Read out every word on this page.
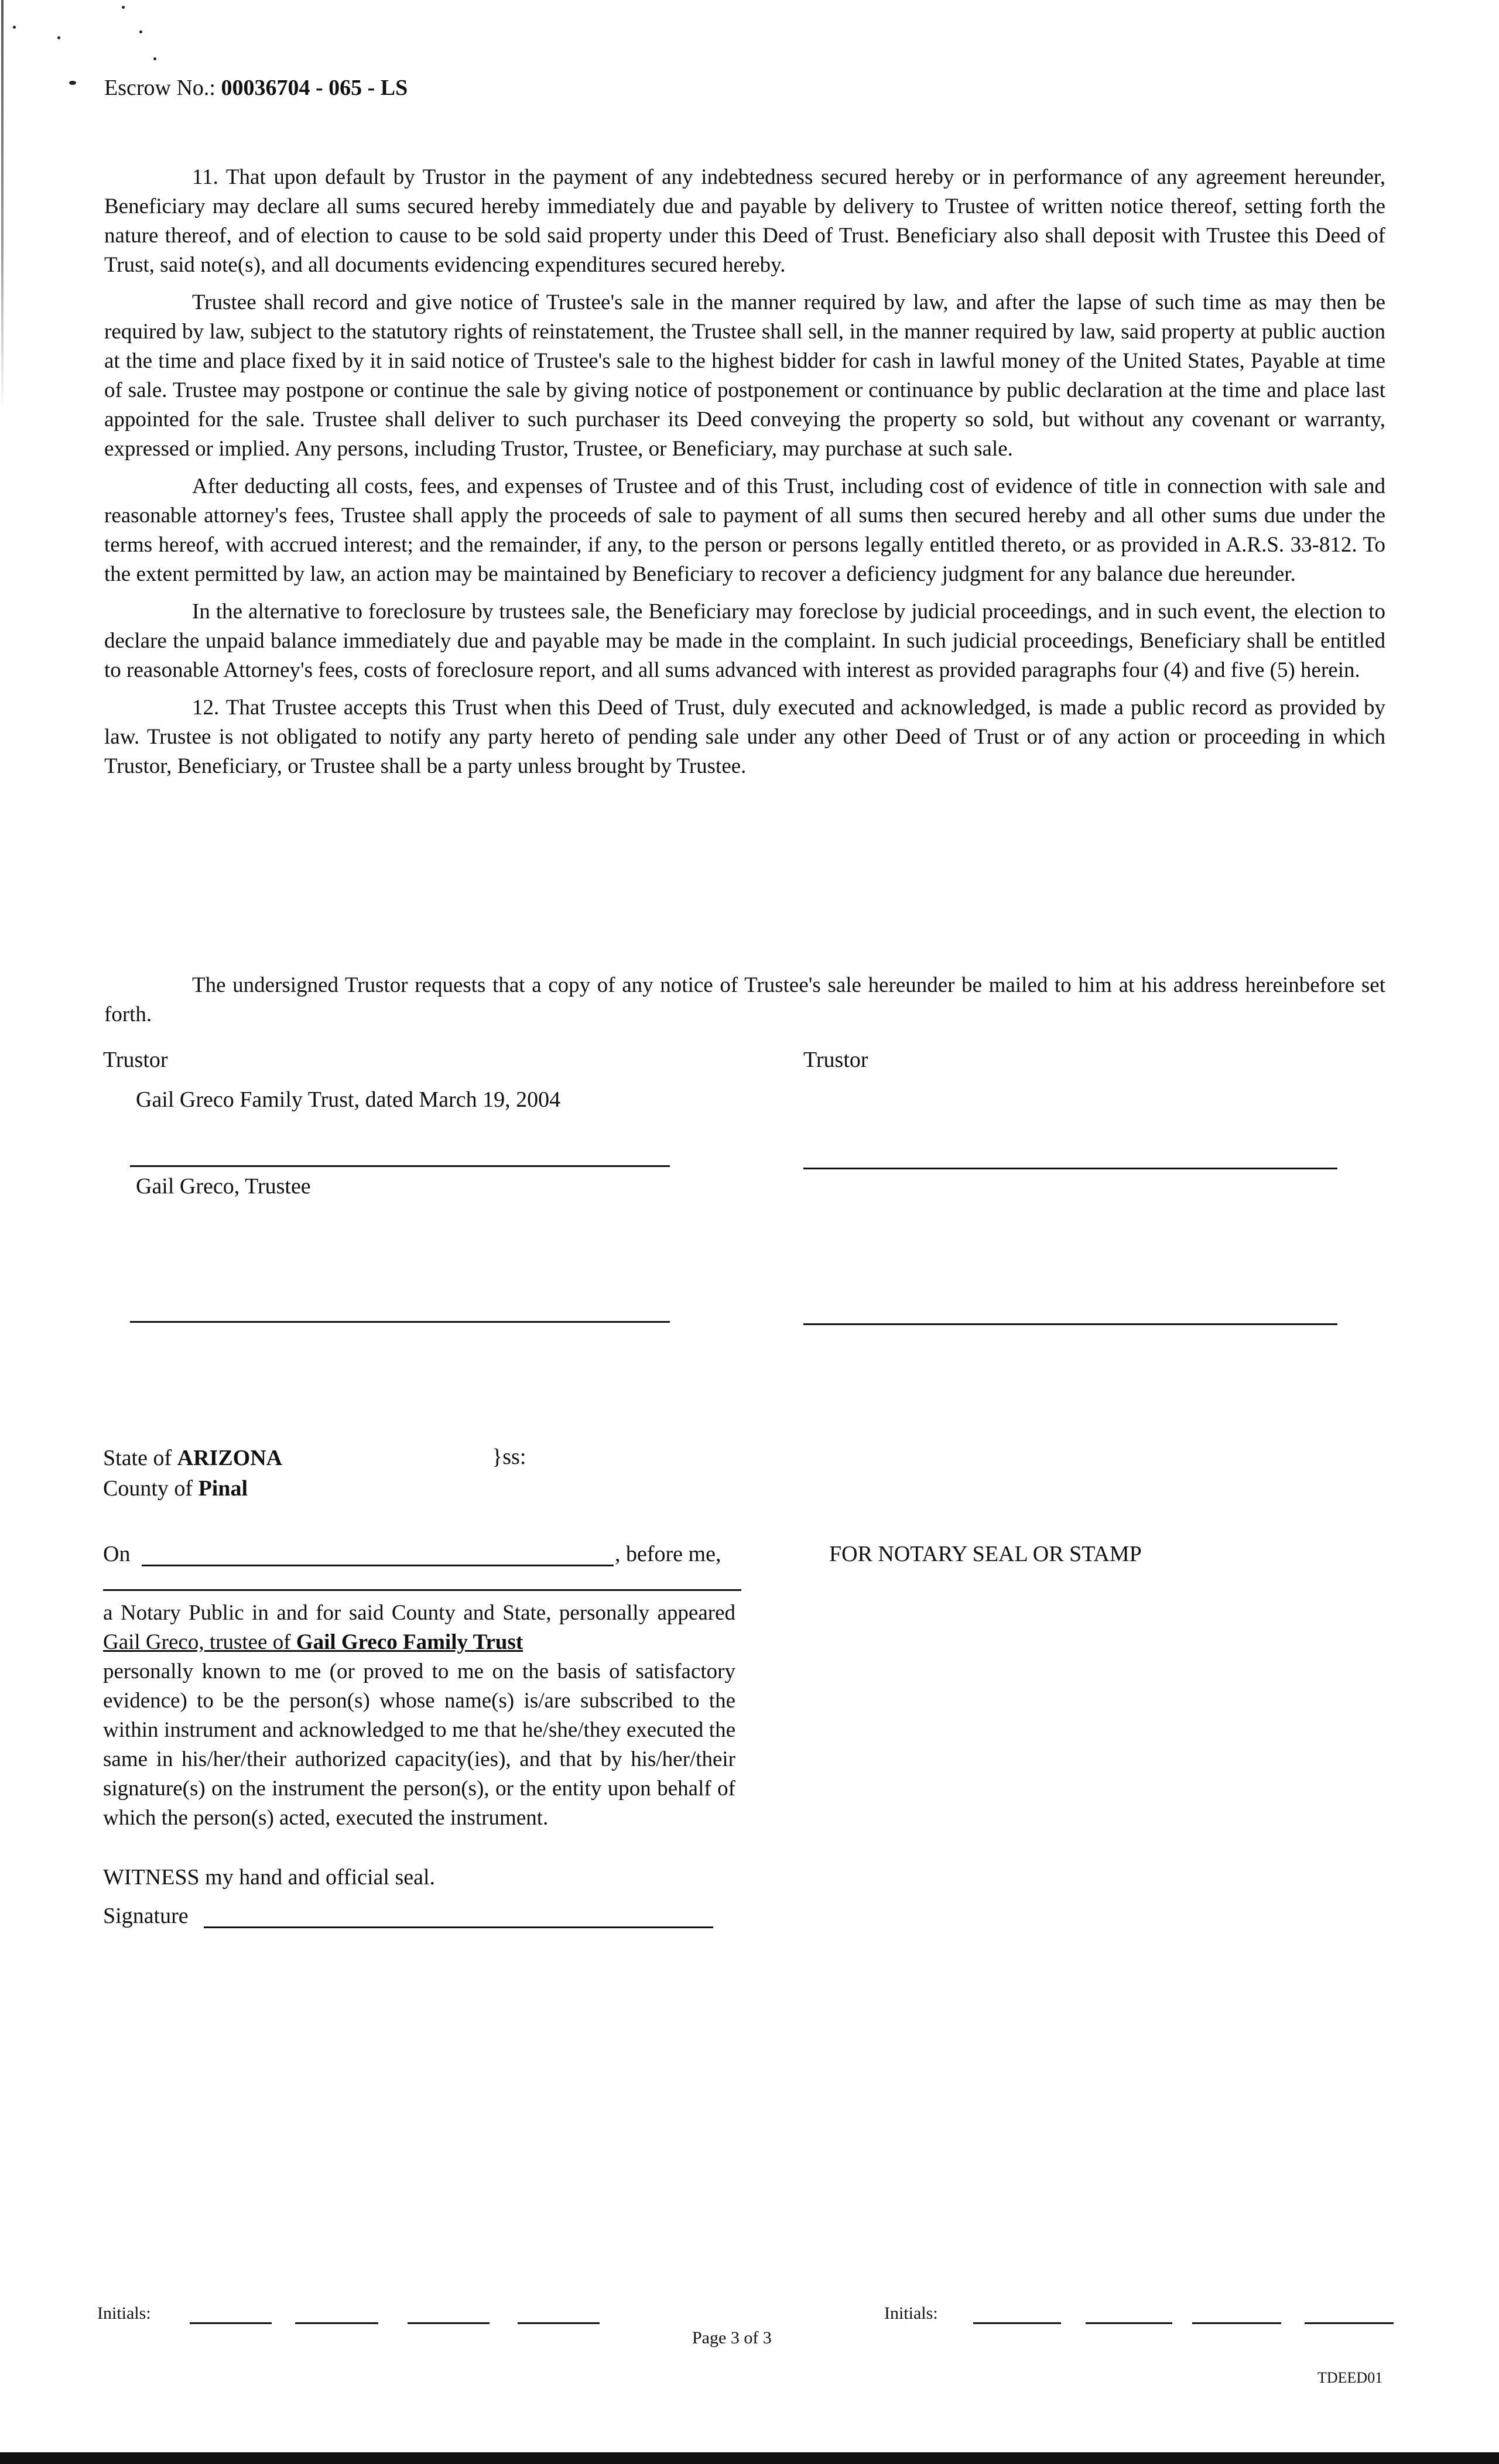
Escrow No.: 00036704 - 065 - LS

11. That upon default by Trustor in the payment of any indebtedness secured hereby or in performance of any agreement hereunder, Beneficiary may declare all sums secured hereby immediately due and payable by delivery to Trustee of written notice thereof, setting forth the nature thereof, and of election to cause to be sold said property under this Deed of Trust. Beneficiary also shall deposit with Trustee this Deed of Trust, said note(s), and all documents evidencing expenditures secured hereby.

Trustee shall record and give notice of Trustee's sale in the manner required by law, and after the lapse of such time as may then be required by law, subject to the statutory rights of reinstatement, the Trustee shall sell, in the manner required by law, said property at public auction at the time and place fixed by it in said notice of Trustee's sale to the highest bidder for cash in lawful money of the United States, Payable at time of sale. Trustee may postpone or continue the sale by giving notice of postponement or continuance by public declaration at the time and place last appointed for the sale. Trustee shall deliver to such purchaser its Deed conveying the property so sold, but without any covenant or warranty, expressed or implied. Any persons, including Trustor, Trustee, or Beneficiary, may purchase at such sale.

After deducting all costs, fees, and expenses of Trustee and of this Trust, including cost of evidence of title in connection with sale and reasonable attorney's fees, Trustee shall apply the proceeds of sale to payment of all sums then secured hereby and all other sums due under the terms hereof, with accrued interest; and the remainder, if any, to the person or persons legally entitled thereto, or as provided in A.R.S. 33-812. To the extent permitted by law, an action may be maintained by Beneficiary to recover a deficiency judgment for any balance due hereunder.

In the alternative to foreclosure by trustees sale, the Beneficiary may foreclose by judicial proceedings, and in such event, the election to declare the unpaid balance immediately due and payable may be made in the complaint. In such judicial proceedings, Beneficiary shall be entitled to reasonable Attorney's fees, costs of foreclosure report, and all sums advanced with interest as provided paragraphs four (4) and five (5) herein.

12. That Trustee accepts this Trust when this Deed of Trust, duly executed and acknowledged, is made a public record as provided by law. Trustee is not obligated to notify any party hereto of pending sale under any other Deed of Trust or of any action or proceeding in which Trustor, Beneficiary, or Trustee shall be a party unless brought by Trustee.

The undersigned Trustor requests that a copy of any notice of Trustee's sale hereunder be mailed to him at his address hereinbefore set forth.

Trustor	Trustor
Gail Greco Family Trust, dated March 19, 2004
Gail Greco, Trustee
State of ARIZONA	}ss:
County of Pinal
On	, before me,	FOR NOTARY SEAL OR STAMP
a Notary Public in and for said County and State, personally appeared Gail Greco, trustee of Gail Greco Family Trust
personally known to me (or proved to me on the basis of satisfactory evidence) to be the person(s) whose name(s) is/are subscribed to the within instrument and acknowledged to me that he/she/they executed the same in his/her/their authorized capacity(ies), and that by his/her/their signature(s) on the instrument the person(s), or the entity upon behalf of which the person(s) acted, executed the instrument.
WITNESS my hand and official seal.
Signature
Initials:	Initials:
Page 3 of 3
TDEED01
